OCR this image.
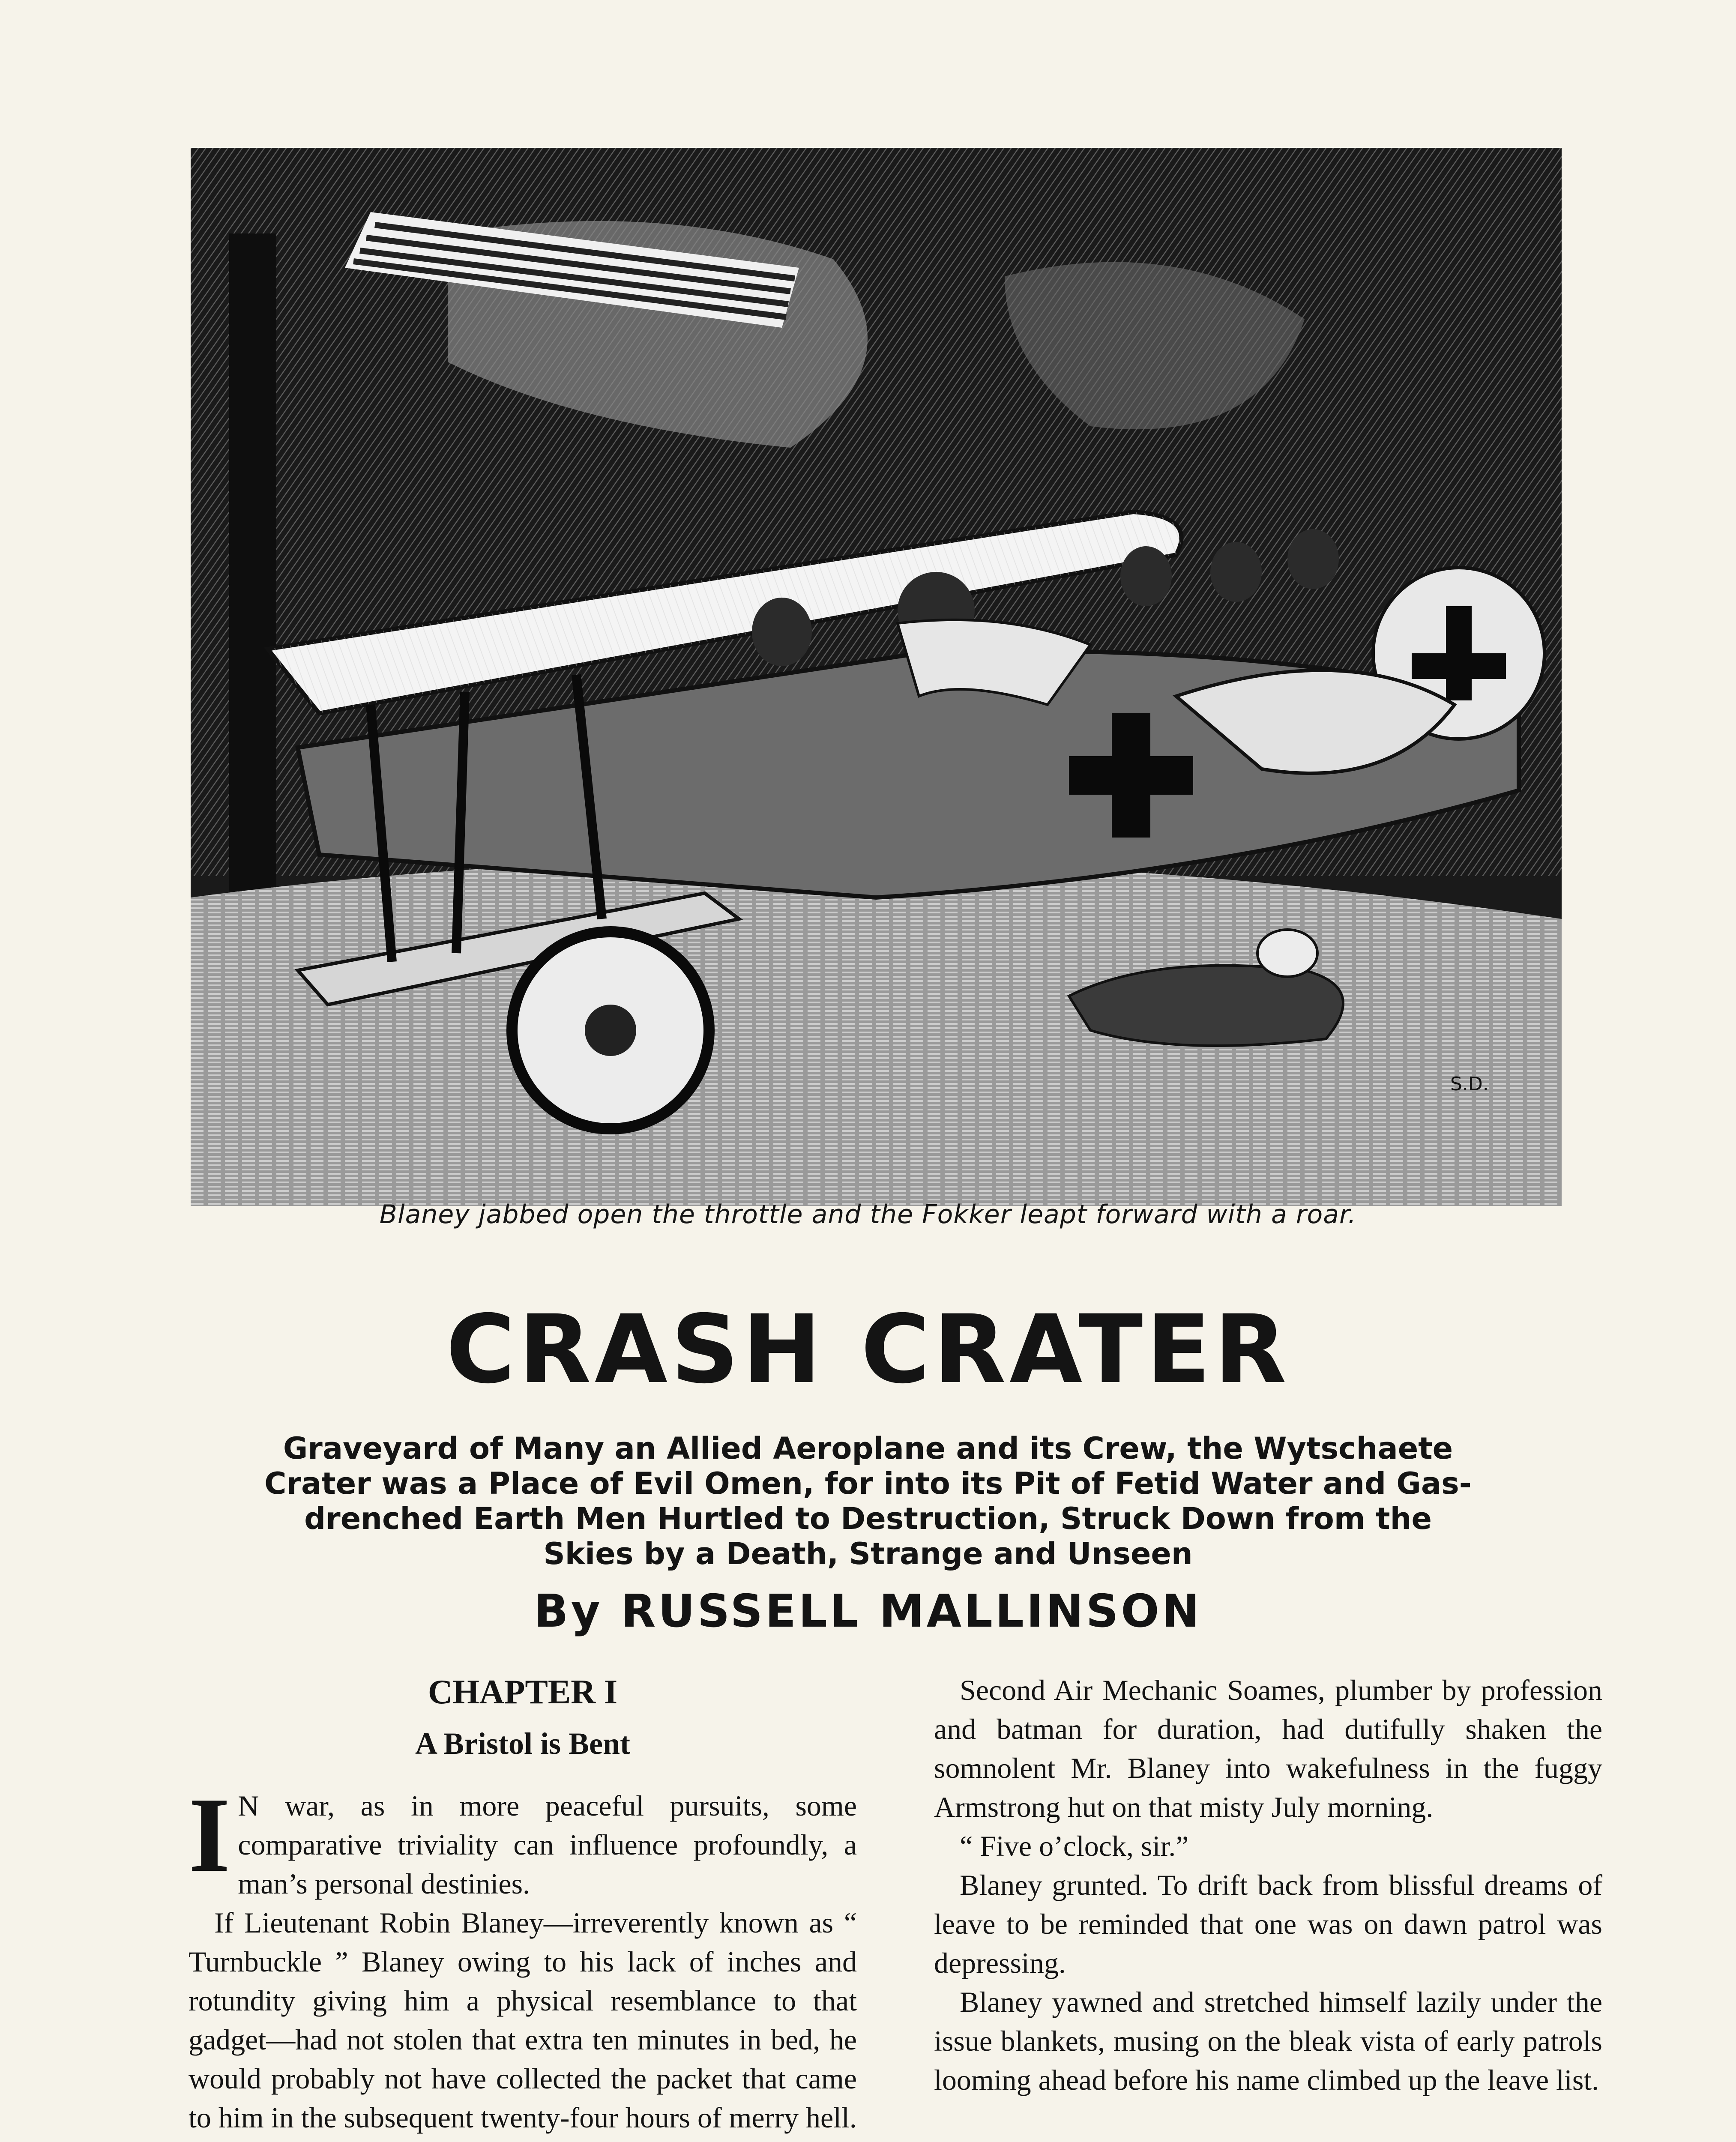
S.D.
Blaney jabbed open the throttle and the Fokker leapt forward with a roar.
CRASH CRATER
Graveyard of Many an Allied Aeroplane and its Crew, the Wytschaete Crater was a Place of Evil Omen, for into its Pit of Fetid Water and Gas-drenched Earth Men Hurtled to Destruction, Struck Down from the Skies by a Death, Strange and Unseen
By RUSSELL MALLINSON
CHAPTER I
A Bristol is Bent

I N war, as in more peaceful pursuits, some comparative triviality can influence profoundly, a man’s personal destinies.

If Lieutenant Robin Blaney—irreverently known as “ Turnbuckle ” Blaney owing to his lack of inches and rotundity giving him a physical resemblance to that gadget—had not stolen that extra ten minutes in bed, he would probably not have collected the packet that came to him in the subsequent twenty-four hours of merry hell.

Second Air Mechanic Soames, plumber by profession and batman for duration, had dutifully shaken the somnolent Mr. Blaney into wakefulness in the fuggy Armstrong hut on that misty July morning.

“ Five o’clock, sir.”

Blaney grunted. To drift back from blissful dreams of leave to be reminded that one was on dawn patrol was depressing.

Blaney yawned and stretched himself lazily under the issue blankets, musing on the bleak vista of early patrols looming ahead before his name climbed up the leave list.
